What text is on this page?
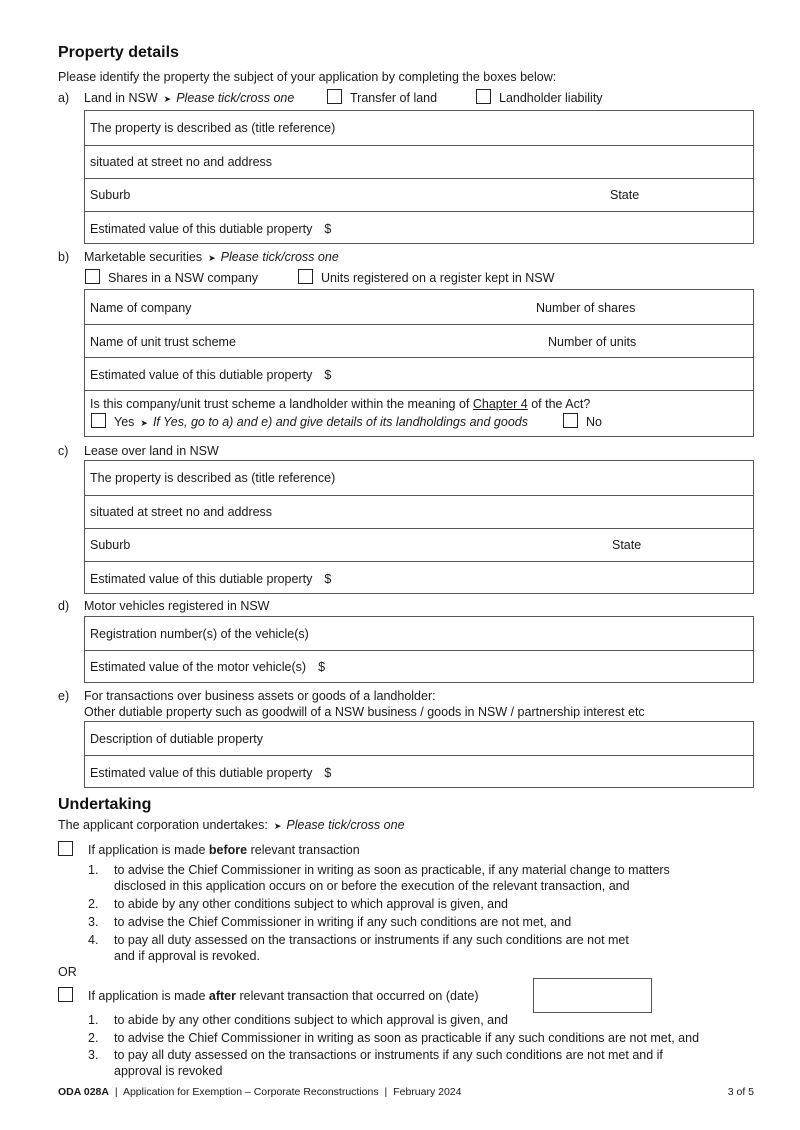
Property details
Please identify the property the subject of your application by completing the boxes below:
a) Land in NSW ➤ Please tick/cross one	Transfer of land	Landholder liability
The property is described as (title reference)
situated at street no and address
Suburb	State
Estimated value of this dutiable property $
b) Marketable securities ➤ Please tick/cross one
Shares in a NSW company	Units registered on a register kept in NSW
Name of company	Number of shares
Name of unit trust scheme	Number of units
Estimated value of this dutiable property $
Is this company/unit trust scheme a landholder within the meaning of Chapter 4 of the Act?
Yes ➤ If Yes, go to a) and e) and give details of its landholdings and goods	No
c) Lease over land in NSW
The property is described as (title reference)
situated at street no and address
Suburb	State
Estimated value of this dutiable property $
d) Motor vehicles registered in NSW
Registration number(s) of the vehicle(s)
Estimated value of the motor vehicle(s) $
e) For transactions over business assets or goods of a landholder:
Other dutiable property such as goodwill of a NSW business / goods in NSW / partnership interest etc
Description of dutiable property
Estimated value of this dutiable property $
Undertaking
The applicant corporation undertakes: ➤ Please tick/cross one
If application is made before relevant transaction
1. to advise the Chief Commissioner in writing as soon as practicable, if any material change to matters
disclosed in this application occurs on or before the execution of the relevant transaction, and
2. to abide by any other conditions subject to which approval is given, and
3. to advise the Chief Commissioner in writing if any such conditions are not met, and
4. to pay all duty assessed on the transactions or instruments if any such conditions are not met
and if approval is revoked.
OR
If application is made after relevant transaction that occurred on (date)
1. to abide by any other conditions subject to which approval is given, and
2. to advise the Chief Commissioner in writing as soon as practicable if any such conditions are not met, and
3. to pay all duty assessed on the transactions or instruments if any such conditions are not met and if
approval is revoked
ODA 028A | Application for Exemption – Corporate Reconstructions | February 2024	3 of 5
